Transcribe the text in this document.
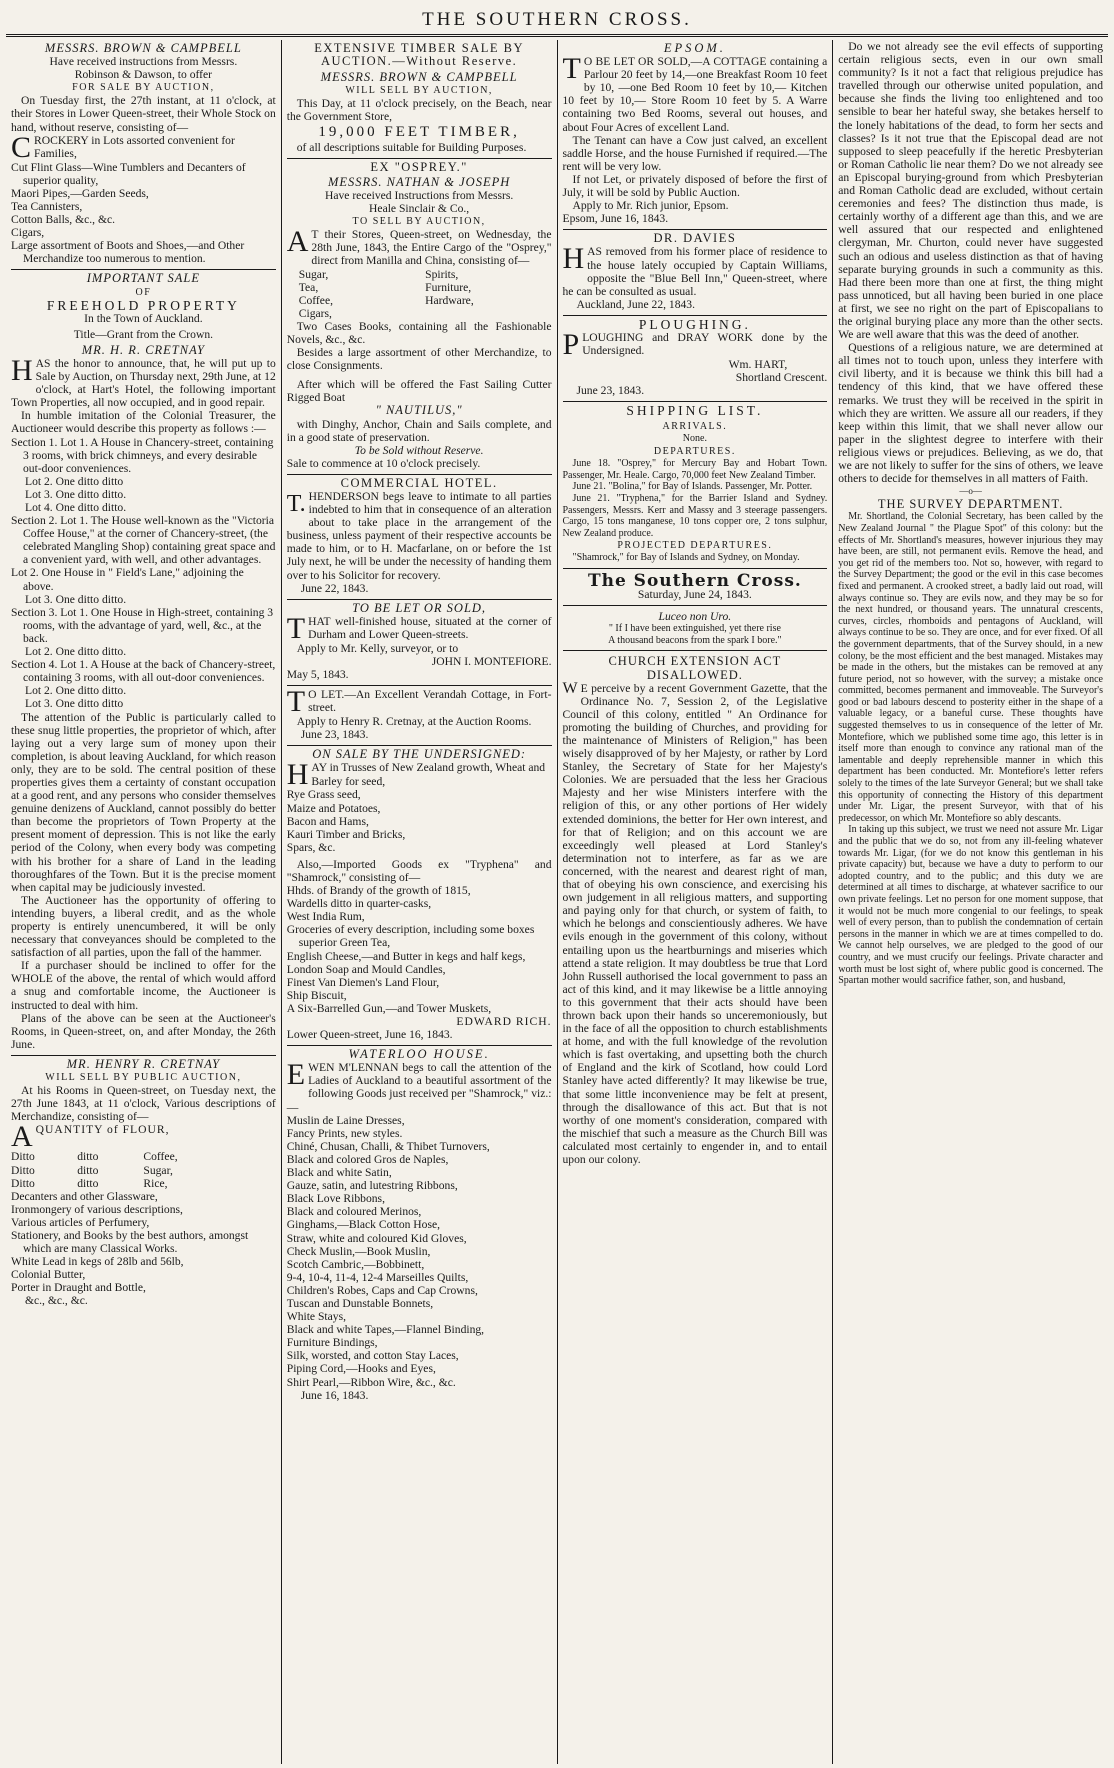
THE SOUTHERN CROSS.
MESSRS. BROWN & CAMPBELL
Have received instructions from Messrs.
Robinson & Dawson, to offer
FOR SALE BY AUCTION,

On Tuesday first, the 27th instant, at 11 o'clock, at their Stores in Lower Queen-street, their Whole Stock on hand, without reserve, consisting of—

CROCKERY in Lots assorted convenient for Families,
Cut Flint Glass—Wine Tumblers and Decanters of superior quality,
Maori Pipes,—Garden Seeds,
Tea Cannisters,
Cotton Balls, &c., &c.
Cigars,
Large assortment of Boots and Shoes,—and Other Merchandize too numerous to mention.
IMPORTANT SALE
OF
FREEHOLD PROPERTY
In the Town of Auckland.
Title—Grant from the Crown.
MR. H. R. CRETNAY

HAS the honor to announce, that, he will put up to Sale by Auction, on Thursday next, 29th June, at 12 o'clock, at Hart's Hotel, the following important Town Properties, all now occupied, and in good repair.

In humble imitation of the Colonial Treasurer, the Auctioneer would describe this property as follows :—

Section 1. Lot 1. A House in Chancery-street, containing 3 rooms, with brick chimneys, and every desirable out-door conveniences.
Lot 2. One ditto ditto
Lot 3. One ditto ditto.
Lot 4. One ditto ditto.
Section 2. Lot 1. The House well-known as the "Victoria Coffee House," at the corner of Chancery-street, (the celebrated Mangling Shop) containing great space and a convenient yard, with well, and other advantages.
Lot 2. One House in " Field's Lane," adjoining the above.
Lot 3. One ditto ditto.
Section 3. Lot 1. One House in High-street, containing 3 rooms, with the advantage of yard, well, &c., at the back.
Lot 2. One ditto ditto.
Section 4. Lot 1. A House at the back of Chancery-street, containing 3 rooms, with all out-door conveniences.
Lot 2. One ditto ditto.
Lot 3. One ditto ditto

The attention of the Public is particularly called to these snug little properties, the proprietor of which, after laying out a very large sum of money upon their completion, is about leaving Auckland, for which reason only, they are to be sold. The central position of these properties gives them a certainty of constant occupation at a good rent, and any persons who consider themselves genuine denizens of Auckland, cannot possibly do better than become the proprietors of Town Property at the present moment of depression. This is not like the early period of the Colony, when every body was competing with his brother for a share of Land in the leading thoroughfares of the Town. But it is the precise moment when capital may be judiciously invested.

The Auctioneer has the opportunity of offering to intending buyers, a liberal credit, and as the whole property is entirely unencumbered, it will be only necessary that conveyances should be completed to the satisfaction of all parties, upon the fall of the hammer.

If a purchaser should be inclined to offer for the WHOLE of the above, the rental of which would afford a snug and comfortable income, the Auctioneer is instructed to deal with him.

Plans of the above can be seen at the Auctioneer's Rooms, in Queen-street, on, and after Monday, the 26th June.

MR. HENRY R. CRETNAY
WILL SELL BY PUBLIC AUCTION,

At his Rooms in Queen-street, on Tuesday next, the 27th June 1843, at 11 o'clock, Various descriptions of Merchandize, consisting of—

AQUANTITY of FLOUR,
Ditto	ditto	Coffee,
Ditto	ditto	Sugar,
Ditto	ditto	Rice,
Decanters and other Glassware,
Ironmongery of various descriptions,
Various articles of Perfumery,
Stationery, and Books by the best authors, amongst which are many Classical Works.
White Lead in kegs of 28lb and 56lb,
Colonial Butter,
Porter in Draught and Bottle,
&c., &c., &c.
EXTENSIVE TIMBER SALE BY AUCTION.—Without Reserve.
MESSRS. BROWN & CAMPBELL
WILL SELL BY AUCTION,

This Day, at 11 o'clock precisely, on the Beach, near the Government Store,

19,000 FEET TIMBER,

of all descriptions suitable for Building Purposes.

EX "OSPREY."
MESSRS. NATHAN & JOSEPH
Have received Instructions from Messrs.
Heale Sinclair & Co.,
TO SELL BY AUCTION,

A T their Stores, Queen-street, on Wednesday, the 28th June, 1843, the Entire Cargo of the "Osprey," direct from Manilla and China, consisting of—

Sugar,	Spirits,
Tea,	Furniture,
Coffee,	Hardware,
Cigars,

Two Cases Books, containing all the Fashionable Novels, &c., &c.

Besides a large assortment of other Merchandize, to close Consignments.

After which will be offered the Fast Sailing Cutter Rigged Boat

" NAUTILUS,"

with Dinghy, Anchor, Chain and Sails complete, and in a good state of preservation.

To be Sold without Reserve.
Sale to commence at 10 o'clock precisely.
COMMERCIAL HOTEL.

T. HENDERSON begs leave to intimate to all parties indebted to him that in consequence of an alteration about to take place in the arrangement of the business, unless payment of their respective accounts be made to him, or to H. Macfarlane, on or before the 1st July next, he will be under the necessity of handing them over to his Solicitor for recovery.

June 22, 1843.
TO BE LET OR SOLD,

THAT well-finished house, situated at the corner of Durham and Lower Queen-streets.

Apply to Mr. Kelly, surveyor, or to

JOHN I. MONTEFIORE.
May 5, 1843.

T O LET.—An Excellent Verandah Cottage, in Fort-street.

Apply to Henry R. Cretnay, at the Auction Rooms.

June 23, 1843.
ON SALE BY THE UNDERSIGNED:
HAY in Trusses of New Zealand growth, Wheat and Barley for seed,
Rye Grass seed,
Maize and Potatoes,
Bacon and Hams,
Kauri Timber and Bricks,
Spars, &c.

Also,—Imported Goods ex "Tryphena" and "Shamrock," consisting of—

Hhds. of Brandy of the growth of 1815,
Wardells ditto in quarter-casks,
West India Rum,
Groceries of every description, including some boxes superior Green Tea,
English Cheese,—and Butter in kegs and half kegs,
London Soap and Mould Candles,
Finest Van Diemen's Land Flour,
Ship Biscuit,
A Six-Barrelled Gun,—and Tower Muskets,
EDWARD RICH.
Lower Queen-street, June 16, 1843.
WATERLOO HOUSE.

EWEN M'LENNAN begs to call the attention of the Ladies of Auckland to a beautiful assortment of the following Goods just received per "Shamrock," viz.:—

Muslin de Laine Dresses,
Fancy Prints, new styles.
Chiné, Chusan, Challi, & Thibet Turnovers,
Black and colored Gros de Naples,
Black and white Satin,
Gauze, satin, and lutestring Ribbons,
Black Love Ribbons,
Black and coloured Merinos,
Ginghams,—Black Cotton Hose,
Straw, white and coloured Kid Gloves,
Check Muslin,—Book Muslin,
Scotch Cambric,—Bobbinett,
9-4, 10-4, 11-4, 12-4 Marseilles Quilts,
Children's Robes, Caps and Cap Crowns,
Tuscan and Dunstable Bonnets,
White Stays,
Black and white Tapes,—Flannel Binding,
Furniture Bindings,
Silk, worsted, and cotton Stay Laces,
Piping Cord,—Hooks and Eyes,
Shirt Pearl,—Ribbon Wire, &c., &c.
June 16, 1843.
EPSOM.

T O BE LET OR SOLD,—A COTTAGE containing a Parlour 20 feet by 14,—one Breakfast Room 10 feet by 10, —one Bed Room 10 feet by 10,— Kitchen 10 feet by 10,— Store Room 10 feet by 5. A Warre containing two Bed Rooms, several out houses, and about Four Acres of excellent Land.

The Tenant can have a Cow just calved, an excellent saddle Horse, and the house Furnished if required.—The rent will be very low.

If not Let, or privately disposed of before the first of July, it will be sold by Public Auction.

Apply to Mr. Rich junior, Epsom.

Epsom, June 16, 1843.
DR. DAVIES

HAS removed from his former place of residence to the house lately occupied by Captain Williams, opposite the "Blue Bell Inn," Queen-street, where he can be consulted as usual.

Auckland, June 22, 1843.
PLOUGHING.

PLOUGHING and DRAY WORK done by the Undersigned.

Wm. HART,
Shortland Crescent.
June 23, 1843.
SHIPPING LIST.
ARRIVALS.
None.
DEPARTURES.

June 18. "Osprey," for Mercury Bay and Hobart Town. Passenger, Mr. Heale. Cargo, 70,000 feet New Zealand Timber.

June 21. "Bolina," for Bay of Islands. Passenger, Mr. Potter.

June 21. "Tryphena," for the Barrier Island and Sydney. Passengers, Messrs. Kerr and Massy and 3 steerage passengers. Cargo, 15 tons manganese, 10 tons copper ore, 2 tons sulphur, New Zealand produce.

PROJECTED DEPARTURES.

"Shamrock," for Bay of Islands and Sydney, on Monday.

The Southern Cross.
Saturday, June 24, 1843.
Luceo non Uro.
" If I have been extinguished, yet there rise
A thousand beacons from the spark I bore."
CHURCH EXTENSION ACT DISALLOWED.

W E perceive by a recent Government Gazette, that the Ordinance No. 7, Session 2, of the Legislative Council of this colony, entitled " An Ordinance for promoting the building of Churches, and providing for the maintenance of Ministers of Religion," has been wisely disapproved of by her Majesty, or rather by Lord Stanley, the Secretary of State for her Majesty's Colonies. We are persuaded that the less her Gracious Majesty and her wise Ministers interfere with the religion of this, or any other portions of Her widely extended dominions, the better for Her own interest, and for that of Religion; and on this account we are exceedingly well pleased at Lord Stanley's determination not to interfere, as far as we are concerned, with the nearest and dearest right of man, that of obeying his own conscience, and exercising his own judgement in all religious matters, and supporting and paying only for that church, or system of faith, to which he belongs and conscientiously adheres. We have evils enough in the government of this colony, without entailing upon us the heartburnings and miseries which attend a state religion. It may doubtless be true that Lord John Russell authorised the local government to pass an act of this kind, and it may likewise be a little annoying to this government that their acts should have been thrown back upon their hands so unceremoniously, but in the face of all the opposition to church establishments at home, and with the full knowledge of the revolution which is fast overtaking, and upsetting both the church of England and the kirk of Scotland, how could Lord Stanley have acted differently? It may likewise be true, that some little inconvenience may be felt at present, through the disallowance of this act. But that is not worthy of one moment's consideration, compared with the mischief that such a measure as the Church Bill was calculated most certainly to engender in, and to entail upon our colony.

Do we not already see the evil effects of supporting certain religious sects, even in our own small community? Is it not a fact that religious prejudice has travelled through our otherwise united population, and because she finds the living too enlightened and too sensible to bear her hateful sway, she betakes herself to the lonely habitations of the dead, to form her sects and classes? Is it not true that the Episcopal dead are not supposed to sleep peacefully if the heretic Presbyterian or Roman Catholic lie near them? Do we not already see an Episcopal burying-ground from which Presbyterian and Roman Catholic dead are excluded, without certain ceremonies and fees? The distinction thus made, is certainly worthy of a different age than this, and we are well assured that our respected and enlightened clergyman, Mr. Churton, could never have suggested such an odious and useless distinction as that of having separate burying grounds in such a community as this. Had there been more than one at first, the thing might pass unnoticed, but all having been buried in one place at first, we see no right on the part of Episcopalians to the original burying place any more than the other sects. We are well aware that this was the deed of another.

Questions of a religious nature, we are determined at all times not to touch upon, unless they interfere with civil liberty, and it is because we think this bill had a tendency of this kind, that we have offered these remarks. We trust they will be received in the spirit in which they are written. We assure all our readers, if they keep within this limit, that we shall never allow our paper in the slightest degree to interfere with their religious views or prejudices. Believing, as we do, that we are not likely to suffer for the sins of others, we leave others to decide for themselves in all matters of Faith.

—o—
THE SURVEY DEPARTMENT.

Mr. Shortland, the Colonial Secretary, has been called by the New Zealand Journal " the Plague Spot" of this colony: but the effects of Mr. Shortland's measures, however injurious they may have been, are still, not permanent evils. Remove the head, and you get rid of the members too. Not so, however, with regard to the Survey Department; the good or the evil in this case becomes fixed and permanent. A crooked street, a badly laid out road, will always continue so. They are evils now, and they may be so for the next hundred, or thousand years. The unnatural crescents, curves, circles, rhomboids and pentagons of Auckland, will always continue to be so. They are once, and for ever fixed. Of all the government departments, that of the Survey should, in a new colony, be the most efficient and the best managed. Mistakes may be made in the others, but the mistakes can be removed at any future period, not so however, with the survey; a mistake once committed, becomes permanent and immoveable. The Surveyor's good or bad labours descend to posterity either in the shape of a valuable legacy, or a baneful curse. These thoughts have suggested themselves to us in consequence of the letter of Mr. Montefiore, which we published some time ago, this letter is in itself more than enough to convince any rational man of the lamentable and deeply reprehensible manner in which this department has been conducted. Mr. Montefiore's letter refers solely to the times of the late Surveyor General; but we shall take this opportunity of connecting the History of this department under Mr. Ligar, the present Surveyor, with that of his predecessor, on which Mr. Montefiore so ably descants.

In taking up this subject, we trust we need not assure Mr. Ligar and the public that we do so, not from any ill-feeling whatever towards Mr. Ligar, (for we do not know this gentleman in his private capacity) but, because we have a duty to perform to our adopted country, and to the public; and this duty we are determined at all times to discharge, at whatever sacrifice to our own private feelings. Let no person for one moment suppose, that it would not be much more congenial to our feelings, to speak well of every person, than to publish the condemnation of certain persons in the manner in which we are at times compelled to do. We cannot help ourselves, we are pledged to the good of our country, and we must crucify our feelings. Private character and worth must be lost sight of, where public good is concerned. The Spartan mother would sacrifice father, son, and husband,
